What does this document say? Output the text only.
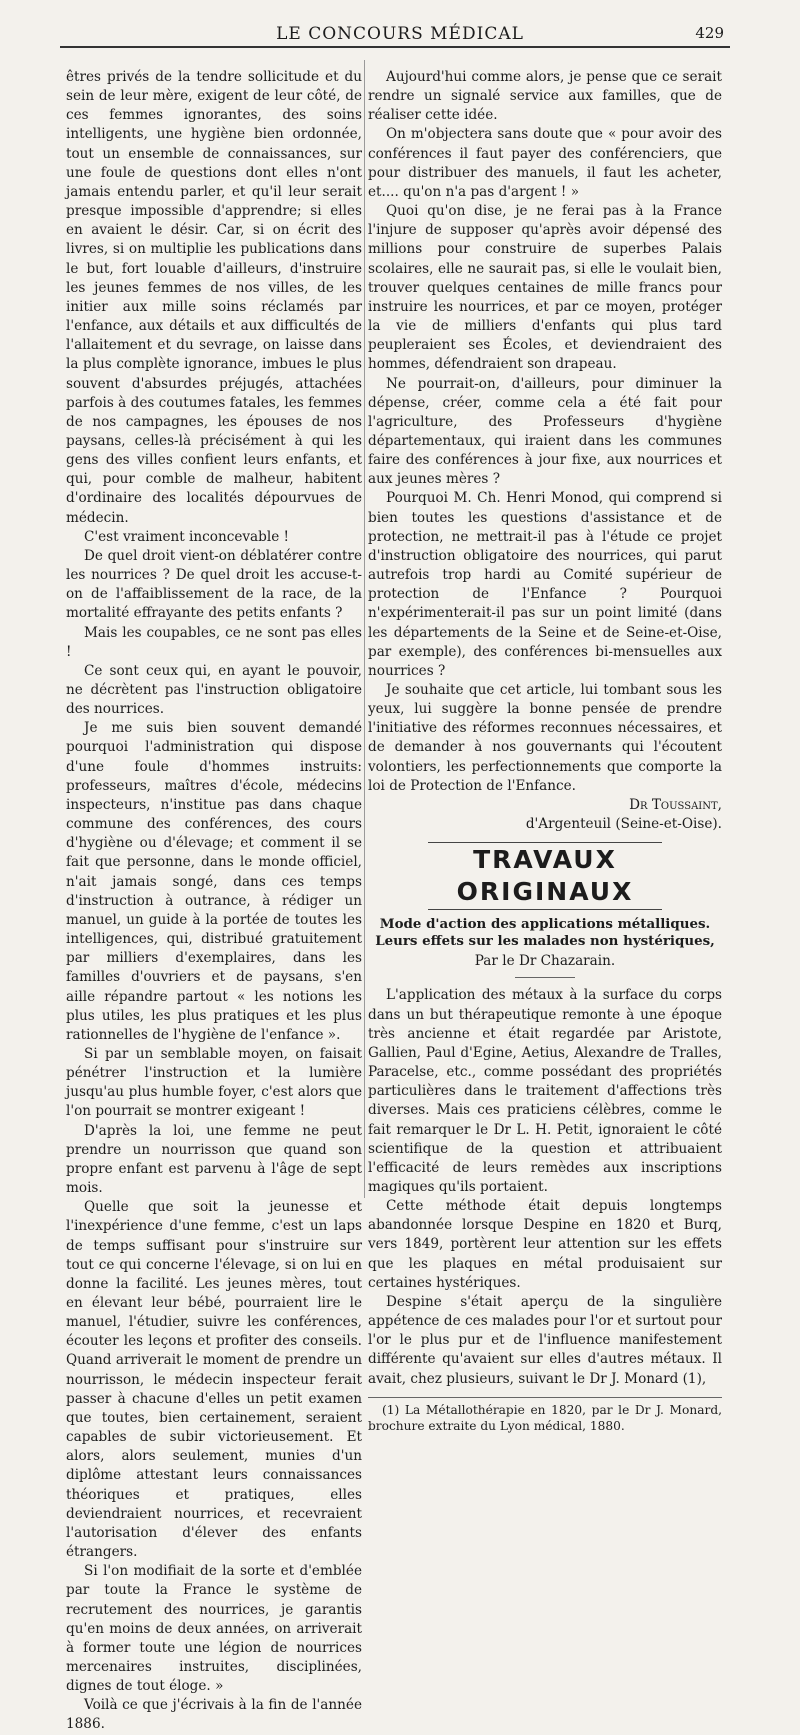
LE CONCOURS MÉDICAL	429

êtres privés de la tendre sollicitude et du sein de leur mère, exigent de leur côté, de ces femmes ignorantes, des soins intelligents, une hygiène bien ordonnée, tout un ensemble de connaissances, sur une foule de questions dont elles n'ont jamais entendu parler, et qu'il leur serait presque impossible d'apprendre; si elles en avaient le désir. Car, si on écrit des livres, si on multiplie les publications dans le but, fort louable d'ailleurs, d'instruire les jeunes femmes de nos villes, de les initier aux mille soins réclamés par l'enfance, aux détails et aux difficultés de l'allaitement et du sevrage, on laisse dans la plus complète ignorance, imbues le plus souvent d'absurdes préjugés, attachées parfois à des coutumes fatales, les femmes de nos campagnes, les épouses de nos paysans, celles-là précisément à qui les gens des villes confient leurs enfants, et qui, pour comble de malheur, habitent d'ordinaire des localités dépourvues de médecin.

C'est vraiment inconcevable !

De quel droit vient-on déblatérer contre les nourrices ? De quel droit les accuse-t-on de l'affaiblissement de la race, de la mortalité effrayante des petits enfants ?

Mais les coupables, ce ne sont pas elles !

Ce sont ceux qui, en ayant le pouvoir, ne décrètent pas l'instruction obligatoire des nourrices.

Je me suis bien souvent demandé pourquoi l'administration qui dispose d'une foule d'hommes instruits: professeurs, maîtres d'école, médecins inspecteurs, n'institue pas dans chaque commune des conférences, des cours d'hygiène ou d'élevage; et comment il se fait que personne, dans le monde officiel, n'ait jamais songé, dans ces temps d'instruction à outrance, à rédiger un manuel, un guide à la portée de toutes les intelligences, qui, distribué gratuitement par milliers d'exemplaires, dans les familles d'ouvriers et de paysans, s'en aille répandre partout « les notions les plus utiles, les plus pratiques et les plus rationnelles de l'hygiène de l'enfance ».

Si par un semblable moyen, on faisait pénétrer l'instruction et la lumière jusqu'au plus humble foyer, c'est alors que l'on pourrait se montrer exigeant !

D'après la loi, une femme ne peut prendre un nourrisson que quand son propre enfant est parvenu à l'âge de sept mois.

Quelle que soit la jeunesse et l'inexpérience d'une femme, c'est un laps de temps suffisant pour s'instruire sur tout ce qui concerne l'élevage, si on lui en donne la facilité. Les jeunes mères, tout en élevant leur bébé, pourraient lire le manuel, l'étudier, suivre les conférences, écouter les leçons et profiter des conseils. Quand arriverait le moment de prendre un nourrisson, le médecin inspecteur ferait passer à chacune d'elles un petit examen que toutes, bien certainement, seraient capables de subir victorieusement. Et alors, alors seulement, munies d'un diplôme attestant leurs connaissances théoriques et pratiques, elles deviendraient nourrices, et recevraient l'autorisation d'élever des enfants étrangers.

Si l'on modifiait de la sorte et d'emblée par toute la France le système de recrutement des nourrices, je garantis qu'en moins de deux années, on arriverait à former toute une légion de nourrices mercenaires instruites, disciplinées, dignes de tout éloge. »

Voilà ce que j'écrivais à la fin de l'année 1886.

Aujourd'hui comme alors, je pense que ce serait rendre un signalé service aux familles, que de réaliser cette idée.

On m'objectera sans doute que « pour avoir des conférences il faut payer des conférenciers, que pour distribuer des manuels, il faut les acheter, et.... qu'on n'a pas d'argent ! »

Quoi qu'on dise, je ne ferai pas à la France l'injure de supposer qu'après avoir dépensé des millions pour construire de superbes Palais scolaires, elle ne saurait pas, si elle le voulait bien, trouver quelques centaines de mille francs pour instruire les nourrices, et par ce moyen, protéger la vie de milliers d'enfants qui plus tard peupleraient ses Écoles, et deviendraient des hommes, défendraient son drapeau.

Ne pourrait-on, d'ailleurs, pour diminuer la dépense, créer, comme cela a été fait pour l'agriculture, des Professeurs d'hygiène départementaux, qui iraient dans les communes faire des conférences à jour fixe, aux nourrices et aux jeunes mères ?

Pourquoi M. Ch. Henri Monod, qui comprend si bien toutes les questions d'assistance et de protection, ne mettrait-il pas à l'étude ce projet d'instruction obligatoire des nourrices, qui parut autrefois trop hardi au Comité supérieur de protection de l'Enfance ? Pourquoi n'expérimenterait-il pas sur un point limité (dans les départements de la Seine et de Seine-et-Oise, par exemple), des conférences bi-mensuelles aux nourrices ?

Je souhaite que cet article, lui tombant sous les yeux, lui suggère la bonne pensée de prendre l'initiative des réformes reconnues nécessaires, et de demander à nos gouvernants qui l'écoutent volontiers, les perfectionnements que comporte la loi de Protection de l'Enfance.

Dr Toussaint,

d'Argenteuil (Seine-et-Oise).

TRAVAUX ORIGINAUX
Mode d'action des applications métalliques. Leurs effets sur les malades non hystériques,
Par le Dr Chazarain.

L'application des métaux à la surface du corps dans un but thérapeutique remonte à une époque très ancienne et était regardée par Aristote, Gallien, Paul d'Egine, Aetius, Alexandre de Tralles, Paracelse, etc., comme possédant des propriétés particulières dans le traitement d'affections très diverses. Mais ces praticiens célèbres, comme le fait remarquer le Dr L. H. Petit, ignoraient le côté scientifique de la question et attribuaient l'efficacité de leurs remèdes aux inscriptions magiques qu'ils portaient.

Cette méthode était depuis longtemps abandonnée lorsque Despine en 1820 et Burq, vers 1849, portèrent leur attention sur les effets que les plaques en métal produisaient sur certaines hystériques.

Despine s'était aperçu de la singulière appétence de ces malades pour l'or et surtout pour l'or le plus pur et de l'influence manifestement différente qu'avaient sur elles d'autres métaux. Il avait, chez plusieurs, suivant le Dr J. Monard (1),

(1) La Métallothérapie en 1820, par le Dr J. Monard, brochure extraite du Lyon médical, 1880.
